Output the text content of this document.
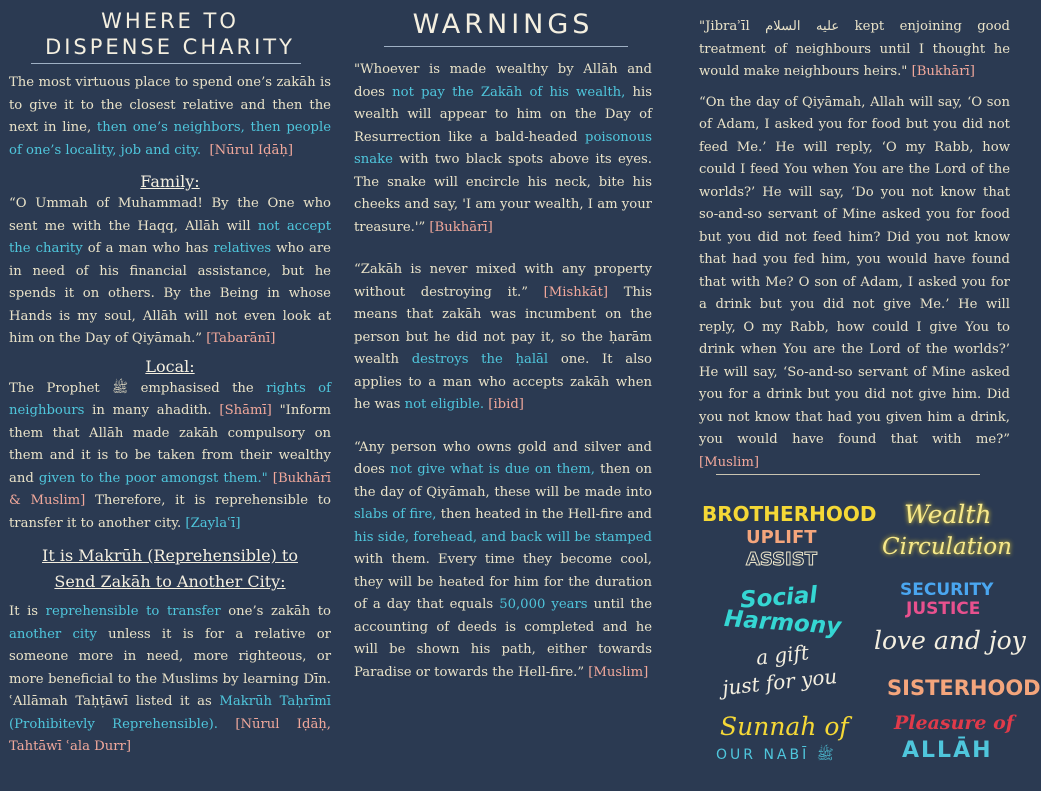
WHERE TO
DISPENSE CHARITY

The most virtuous place to spend one’s zakāh is to give it to the closest relative and then the next in line, then one’s neighbors, then people of one’s locality, job and city. [Nūrul Iḍāḥ]

Family:

“O Ummah of Muhammad! By the One who sent me with the Haqq, Allāh will not accept the charity of a man who has relatives who are in need of his financial assistance, but he spends it on others. By the Being in whose Hands is my soul, Allāh will not even look at him on the Day of Qiyāmah.” [Tabarānī]

Local:

The Prophet ﷺ emphasised the rights of neighbours in many ahadith. [Shāmī] "Inform them that Allāh made zakāh compulsory on them and it is to be taken from their wealthy and given to the poor amongst them." [Bukhārī & Muslim] Therefore, it is reprehensible to transfer it to another city. [Zaylaʿī]

It is Makrūh (Reprehensible) to
Send Zakāh to Another City:

It is reprehensible to transfer one’s zakāh to another city unless it is for a relative or someone more in need, more righteous, or more beneficial to the Muslims by learning Dīn. ʿAllāmah Taḥṭāwī listed it as Makrūh Taḥrīmī (Prohibitevly Reprehensible). [Nūrul Iḍāḥ, Tahtāwī ʿala Durr]

WARNINGS

"Whoever is made wealthy by Allāh and does not pay the Zakāh of his wealth, his wealth will appear to him on the Day of Resurrection like a bald-headed poisonous snake with two black spots above its eyes. The snake will encircle his neck, bite his cheeks and say, 'I am your wealth, I am your treasure.'” [Bukhārī]

“Zakāh is never mixed with any property without destroying it.” [Mishkāt] This means that zakāh was incumbent on the person but he did not pay it, so the ḥarām wealth destroys the ḥalāl one. It also applies to a man who accepts zakāh when he was not eligible. [ibid]

“Any person who owns gold and silver and does not give what is due on them, then on the day of Qiyāmah, these will be made into slabs of fire, then heated in the Hell-fire and his side, forehead, and back will be stamped with them. Every time they become cool, they will be heated for him for the duration of a day that equals 50,000 years until the accounting of deeds is completed and he will be shown his path, either towards Paradise or towards the Hell-fire.” [Muslim]

"Jibraʾīl عليه السلام kept enjoining good treatment of neighbours until I thought he would make neighbours heirs." [Bukhārī]

“On the day of Qiyāmah, Allah will say, ‘O son of Adam, I asked you for food but you did not feed Me.’ He will reply, ‘O my Rabb, how could I feed You when You are the Lord of the worlds?’ He will say, ‘Do you not know that so-and-so servant of Mine asked you for food but you did not feed him? Did you not know that had you fed him, you would have found that with Me? O son of Adam, I asked you for a drink but you did not give Me.’ He will reply, O my Rabb, how could I give You to drink when You are the Lord of the worlds?’ He will say, ‘So-and-so servant of Mine asked you for a drink but you did not give him. Did you not know that had you given him a drink, you would have found that with me?” [Muslim]

BROTHERHOOD
UPLIFT
ASSIST
Wealth
Circulation
SECURITY
JUSTICE
Social
Harmony
love and joy
a gift
just for you SISTERHOOD
Sunnah of
OUR NABĪ ﷺ
Pleasure of
ALLĀH
